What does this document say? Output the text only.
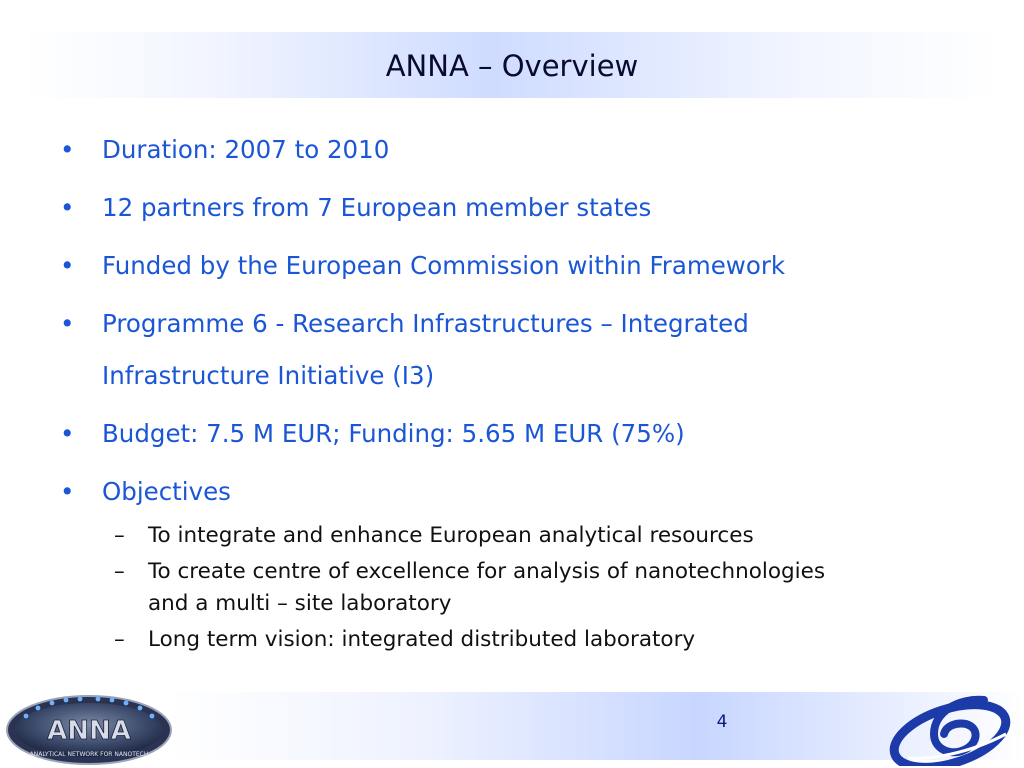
ANNA – Overview
• Duration: 2007 to 2010
• 12 partners from 7 European member states
• Funded by the European Commission within Framework
• Programme 6 - Research Infrastructures – Integrated
Infrastructure Initiative (I3)
• Budget: 7.5 M EUR; Funding: 5.65 M EUR (75%)
• Objectives
– To integrate and enhance European analytical resources
– To create centre of excellence for analysis of nanotechnologies
and a multi – site laboratory
– Long term vision: integrated distributed laboratory
4
ANNA
ANALYTICAL NETWORK FOR NANOTECH
